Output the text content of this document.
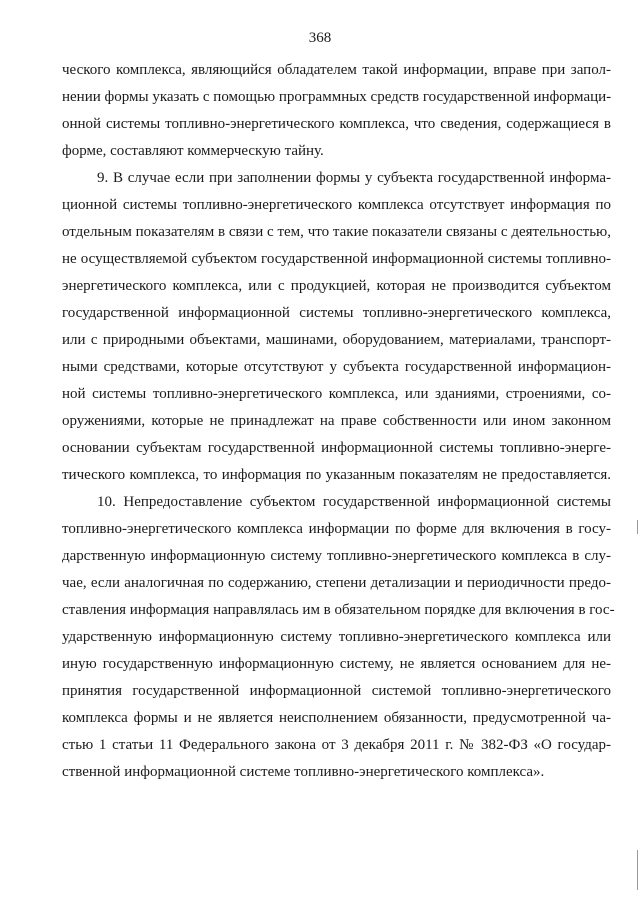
368
ческого комплекса, являющийся обладателем такой информации, вправе при запол-
нении формы указать с помощью программных средств государственной информаци-
онной системы топливно-энергетического комплекса, что сведения, содержащиеся в
форме, составляют коммерческую тайну.
9. В случае если при заполнении формы у субъекта государственной информа-
ционной системы топливно-энергетического комплекса отсутствует информация по
отдельным показателям в связи с тем, что такие показатели связаны с деятельностью,
не осуществляемой субъектом государственной информационной системы топливно-
энергетического комплекса, или с продукцией, которая не производится субъектом
государственной информационной системы топливно-энергетического комплекса,
или с природными объектами, машинами, оборудованием, материалами, транспорт-
ными средствами, которые отсутствуют у субъекта государственной информацион-
ной системы топливно-энергетического комплекса, или зданиями, строениями, со-
оружениями, которые не принадлежат на праве собственности или ином законном
основании субъектам государственной информационной системы топливно-энерге-
тического комплекса, то информация по указанным показателям не предоставляется.
10. Непредоставление субъектом государственной информационной системы
топливно-энергетического комплекса информации по форме для включения в госу-
дарственную информационную систему топливно-энергетического комплекса в слу-
чае, если аналогичная по содержанию, степени детализации и периодичности предо-
ставления информация направлялась им в обязательном порядке для включения в гос-
ударственную информационную систему топливно-энергетического комплекса или
иную государственную информационную систему, не является основанием для не-
принятия государственной информационной системой топливно-энергетического
комплекса формы и не является неисполнением обязанности, предусмотренной ча-
стью 1 статьи 11 Федерального закона от 3 декабря 2011 г. № 382-ФЗ «О государ-
ственной информационной системе топливно-энергетического комплекса».
